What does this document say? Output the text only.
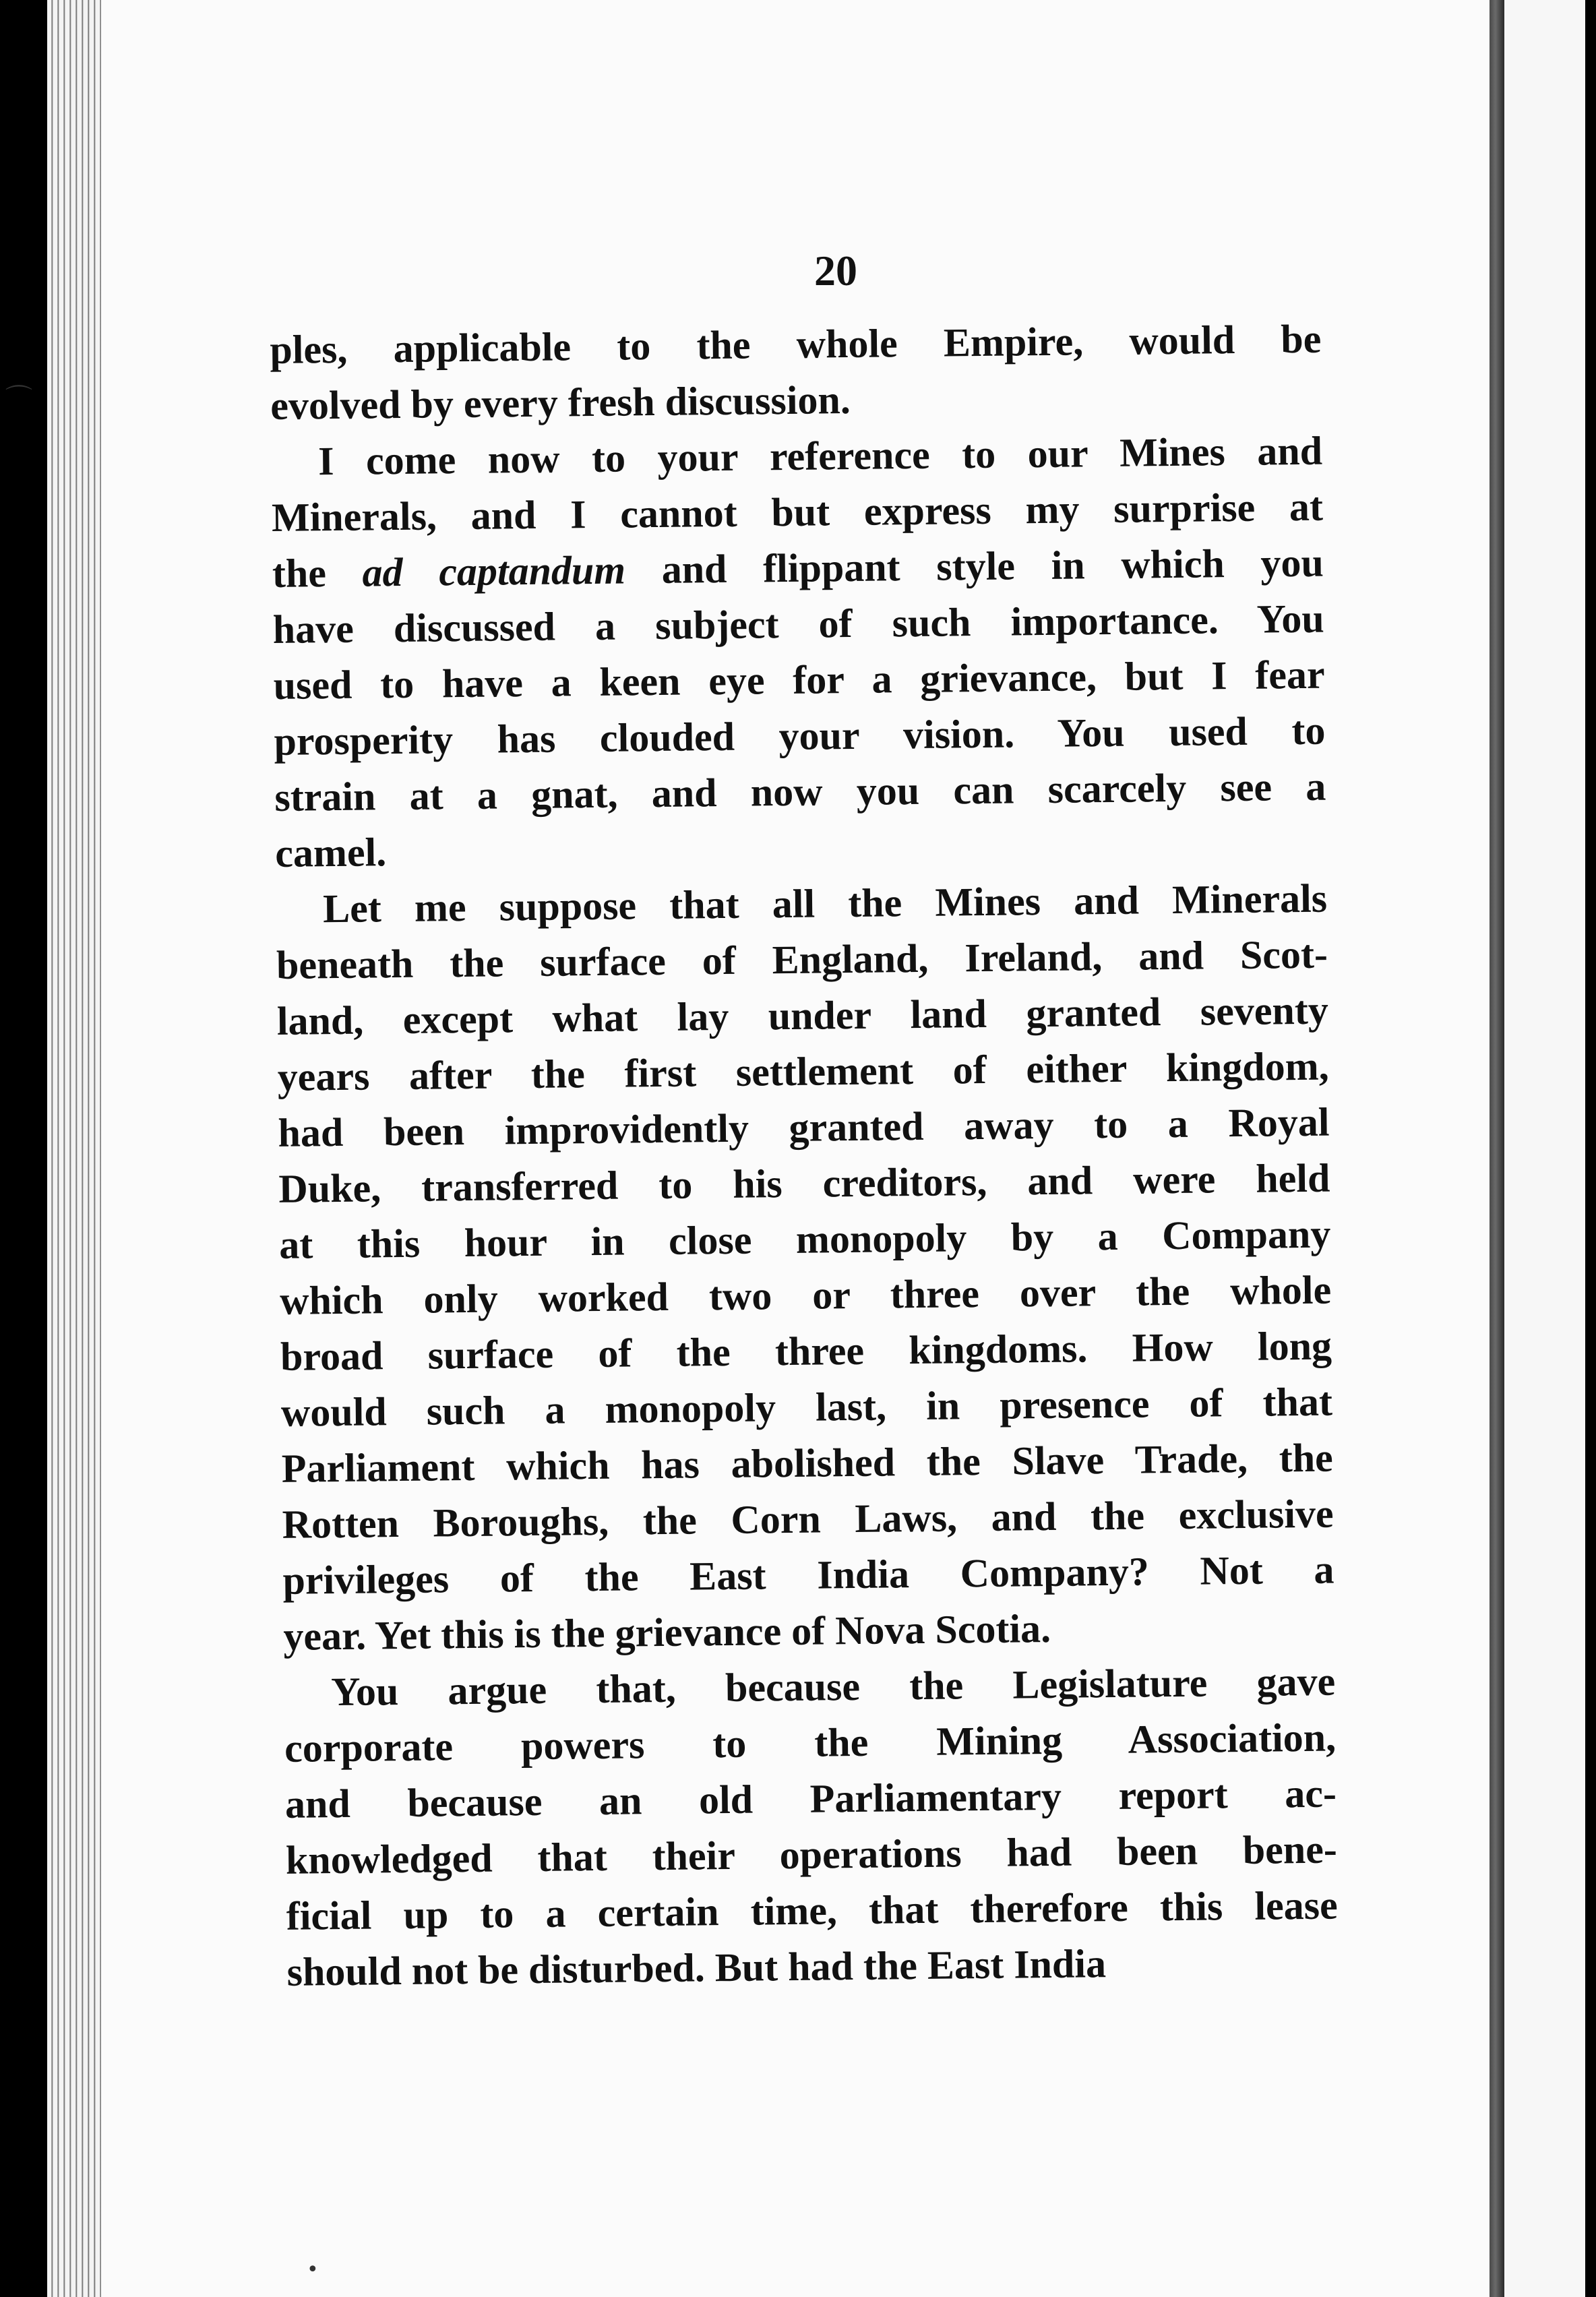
20

ples, applicable to the whole Empire, would be
evolved by every fresh discussion.

I come now to your reference to our Mines and
Minerals, and I cannot but express my surprise at
the ad captandum and flippant style in which you
have discussed a subject of such importance. You
used to have a keen eye for a grievance, but I fear
prosperity has clouded your vision. You used to
strain at a gnat, and now you can scarcely see a
camel.

Let me suppose that all the Mines and Minerals
beneath the surface of England, Ireland, and Scot-
land, except what lay under land granted seventy
years after the first settlement of either kingdom,
had been improvidently granted away to a Royal
Duke, transferred to his creditors, and were held
at this hour in close monopoly by a Company
which only worked two or three over the whole
broad surface of the three kingdoms. How long
would such a monopoly last, in presence of that
Parliament which has abolished the Slave Trade, the
Rotten Boroughs, the Corn Laws, and the exclusive
privileges of the East India Company? Not a
year. Yet this is the grievance of Nova Scotia.

You argue that, because the Legislature gave
corporate powers to the Mining Association,
and because an old Parliamentary report ac-
knowledged that their operations had been bene-
ficial up to a certain time, that therefore this lease
should not be disturbed. But had the East India

⌒
•
